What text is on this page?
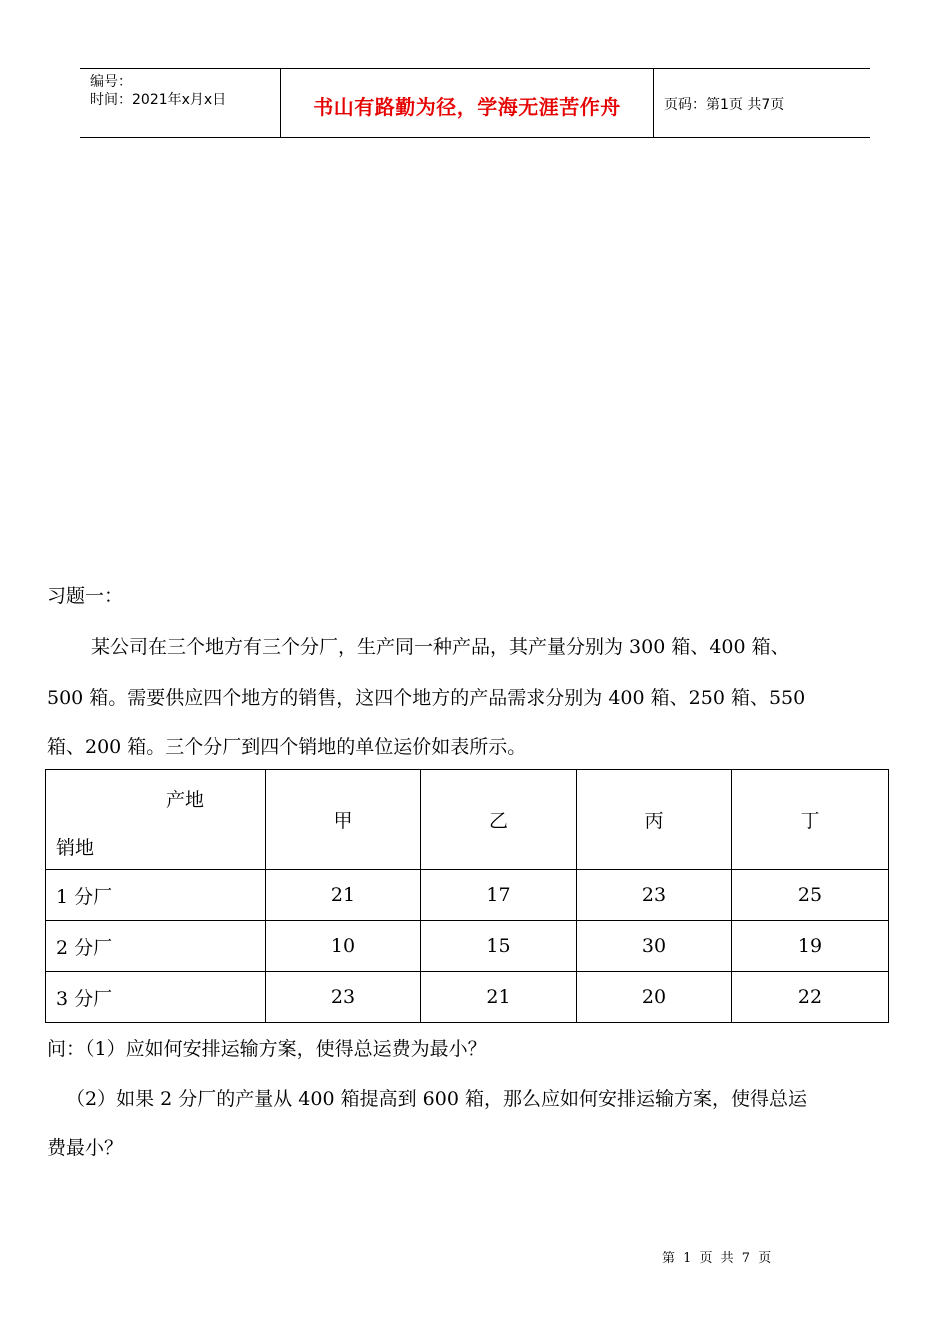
编号：
时间：2021年x月x日	书山有路勤为径，学海无涯苦作舟	页码：第1页 共7页
习题一：
某公司在三个地方有三个分厂，生产同一种产品，其产量分别为 300 箱、400 箱、
500 箱。需要供应四个地方的销售，这四个地方的产品需求分别为 400 箱、250 箱、550
箱、200 箱。三个分厂到四个销地的单位运价如表所示。
产地
销地	甲	乙	丙	丁
1 分厂	21	17	23	25
2 分厂	10	15	30	19
3 分厂	23	21	20	22
问：（1）应如何安排运输方案，使得总运费为最小？
（2）如果 2 分厂的产量从 400 箱提高到 600 箱，那么应如何安排运输方案，使得总运
费最小？
第 1 页 共 7 页
